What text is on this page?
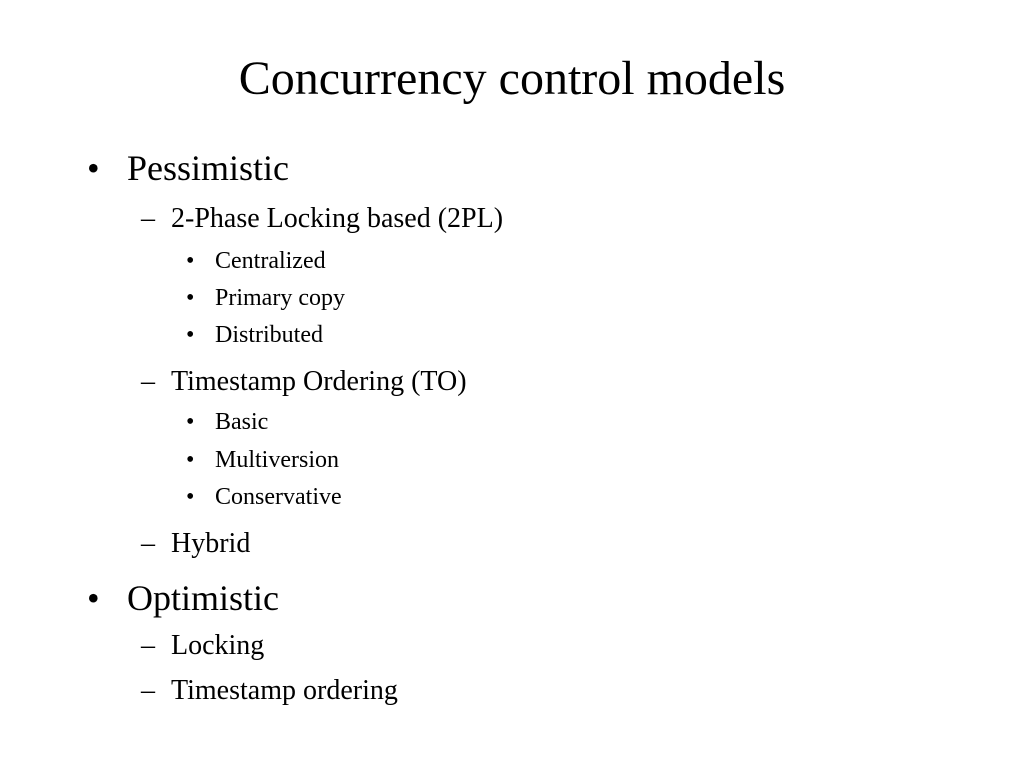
Concurrency control models
• Pessimistic
– 2-Phase Locking based (2PL)
• Centralized
• Primary copy
• Distributed
– Timestamp Ordering (TO)
• Basic
• Multiversion
• Conservative
– Hybrid
• Optimistic
– Locking
– Timestamp ordering
